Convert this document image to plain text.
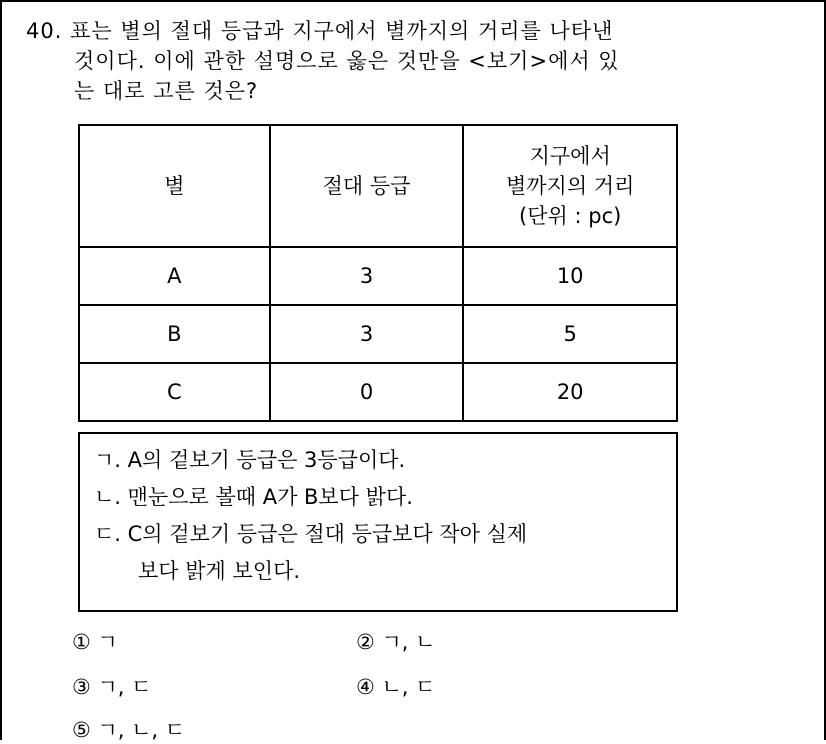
40. 표는 별의 절대 등급과 지구에서 별까지의 거리를 나타낸
것이다. 이에 관한 설명으로 옳은 것만을 <보기>에서 있
는 대로 고른 것은?
별	절대 등급	지구에서
별까지의 거리
(단위 : pc)

A	3	10
B	3	5
C	0	20
ㄱ. A의 겉보기 등급은 3등급이다.
ㄴ. 맨눈으로 볼때 A가 B보다 밝다.
ㄷ. C의 겉보기 등급은 절대 등급보다 작아 실제
보다 밝게 보인다.
① ㄱ	② ㄱ, ㄴ
③ ㄱ, ㄷ	④ ㄴ, ㄷ
⑤ ㄱ, ㄴ, ㄷ
